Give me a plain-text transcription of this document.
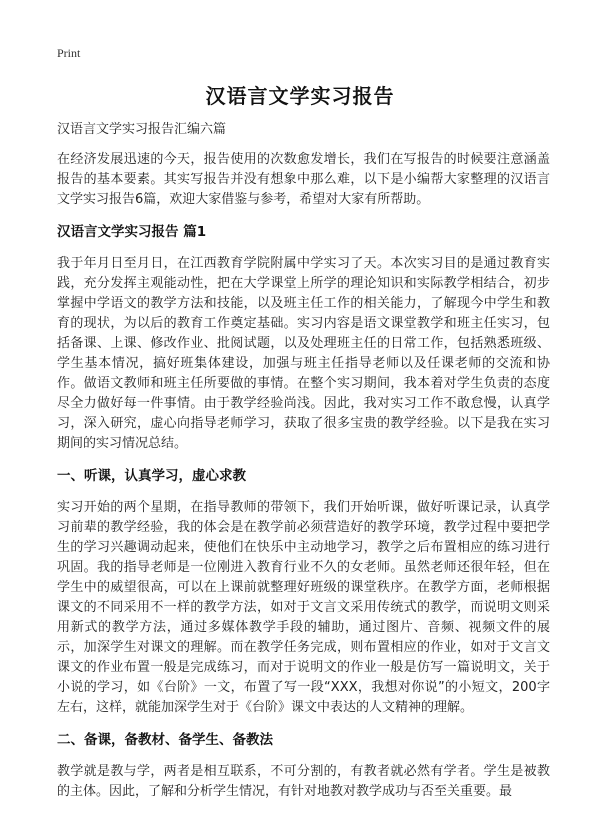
Print
汉语言文学实习报告
汉语言文学实习报告汇编六篇

在经济发展迅速的今天，报告使用的次数愈发增长，我们在写报告的时候要注意涵盖报告的基本要素。其实写报告并没有想象中那么难，以下是小编帮大家整理的汉语言文学实习报告6篇，欢迎大家借鉴与参考，希望对大家有所帮助。

汉语言文学实习报告 篇1

我于年月日至月日，在江西教育学院附属中学实习了天。本次实习目的是通过教育实践，充分发挥主观能动性，把在大学课堂上所学的理论知识和实际教学相结合，初步掌握中学语文的教学方法和技能，以及班主任工作的相关能力，了解现今中学生和教育的现状，为以后的教育工作奠定基础。实习内容是语文课堂教学和班主任实习，包括备课、上课、修改作业、批阅试题，以及处理班主任的日常工作，包括熟悉班级、学生基本情况，搞好班集体建设，加强与班主任指导老师以及任课老师的交流和协作。做语文教师和班主任所要做的事情。在整个实习期间，我本着对学生负责的态度尽全力做好每一件事情。由于教学经验尚浅。因此，我对实习工作不敢怠慢，认真学习，深入研究，虚心向指导老师学习，获取了很多宝贵的教学经验。以下是我在实习期间的实习情况总结。

一、听课，认真学习，虚心求教

实习开始的两个星期，在指导教师的带领下，我们开始听课，做好听课记录，认真学习前辈的教学经验，我的体会是在教学前必须营造好的教学环境，教学过程中要把学生的学习兴趣调动起来，使他们在快乐中主动地学习，教学之后布置相应的练习进行巩固。我的指导老师是一位刚进入教育行业不久的女老师。虽然老师还很年轻，但在学生中的威望很高，可以在上课前就整理好班级的课堂秩序。在教学方面，老师根据课文的不同采用不一样的教学方法，如对于文言文采用传统式的教学，而说明文则采用新式的教学方法，通过多媒体教学手段的辅助，通过图片、音频、视频文件的展示，加深学生对课文的理解。而在教学任务完成，则布置相应的作业，如对于文言文课文的作业布置一般是完成练习，而对于说明文的作业一般是仿写一篇说明文，关于小说的学习，如《台阶》一文，布置了写一段“XXX，我想对你说”的小短文，200字左右，这样，就能加深学生对于《台阶》课文中表达的人文精神的理解。

二、备课，备教材、备学生、备教法

教学就是教与学，两者是相互联系，不可分割的，有教者就必然有学者。学生是被教的主体。因此，了解和分析学生情况，有针对地教对教学成功与否至关重要。最
